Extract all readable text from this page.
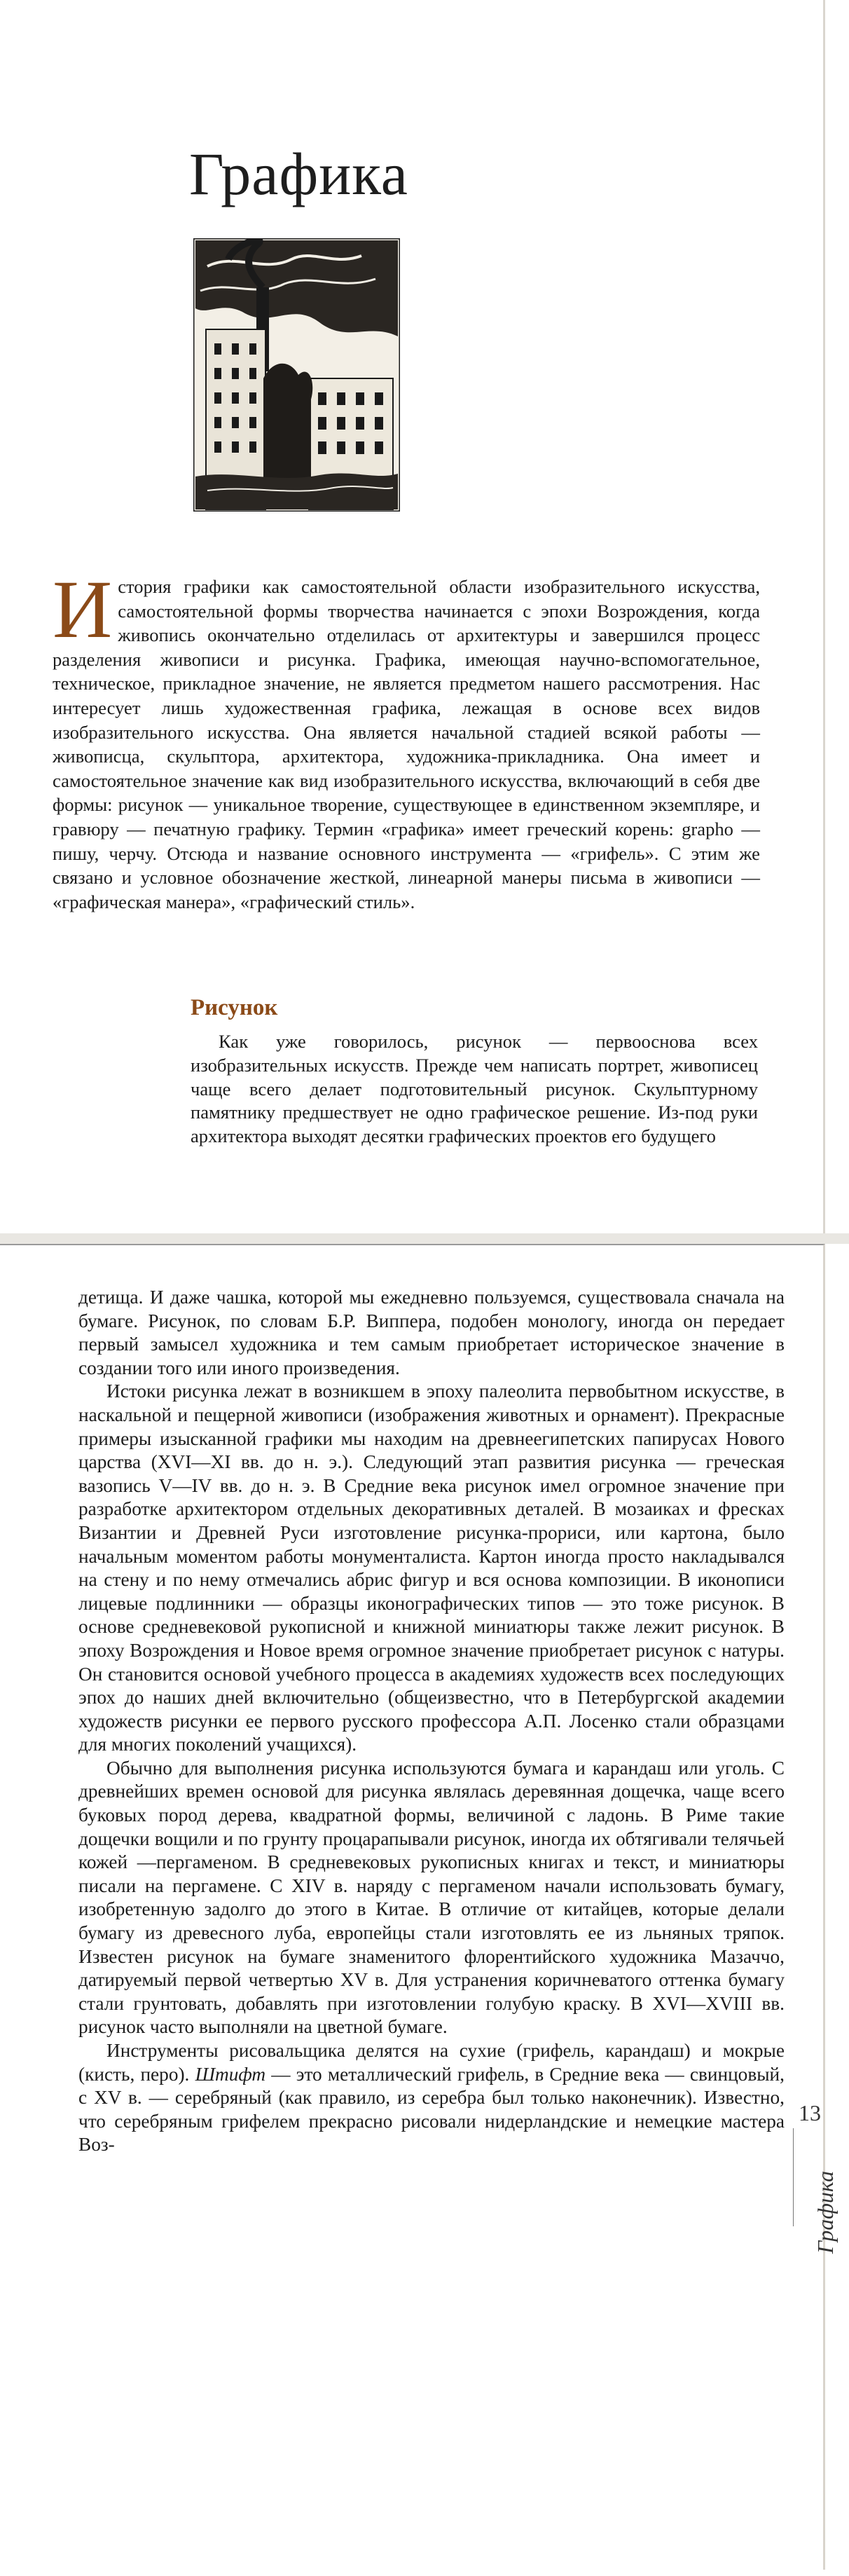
Графика

История графики как самостоятельной области изобразительного искусства, самостоятельной формы творчества начинается с эпохи Возрождения, когда живопись окончательно отделилась от архитектуры и завершился процесс разделения живописи и рисунка. Графика, имеющая научно-вспомогательное, техническое, прикладное значение, не является предметом нашего рассмотрения. Нас интересует лишь художественная графика, лежащая в основе всех видов изобразительного искусства. Она является начальной стадией всякой работы — живописца, скульптора, архитектора, художника-прикладника. Она имеет и самостоятельное значение как вид изобразительного искусства, включающий в себя две формы: рисунок — уникальное творение, существующее в единственном экземпляре, и гравюру — печатную графику. Термин «графика» имеет греческий корень: grapho —пишу, черчу. Отсюда и название основного инструмента — «грифель». С этим же связано и условное обозначение жесткой, линеарной манеры письма в живописи — «графическая манера», «графический стиль».

Рисунок

Как уже говорилось, рисунок — первооснова всех изобразительных искусств. Прежде чем написать портрет, живописец чаще всего делает подготовительный рисунок. Скульптурному памятнику предшествует не одно графическое решение. Из-под руки архитектора выходят десятки графических проектов его будущего

детища. И даже чашка, которой мы ежедневно пользуемся, существовала сначала на бумаге. Рисунок, по словам Б.Р. Виппера, подобен монологу, иногда он передает первый замысел художника и тем самым приобретает историческое значение в создании того или иного произведения.

Истоки рисунка лежат в возникшем в эпоху палеолита первобытном искусстве, в наскальной и пещерной живописи (изображения животных и орнамент). Прекрасные примеры изысканной графики мы находим на древнеегипетских папирусах Нового царства (XVI—XI вв. до н. э.). Следующий этап развития рисунка — греческая вазопись V—IV вв. до н. э. В Средние века рисунок имел огромное значение при разработке архитектором отдельных декоративных деталей. В мозаиках и фресках Византии и Древней Руси изготовление рисунка-прориси, или картона, было начальным моментом работы монументалиста. Картон иногда просто накладывался на стену и по нему отмечались абрис фигур и вся основа композиции. В иконописи лицевые подлинники — образцы иконографических типов — это тоже рисунок. В основе средневековой рукописной и книжной миниатюры также лежит рисунок. В эпоху Возрождения и Новое время огромное значение приобретает рисунок с натуры. Он становится основой учебного процесса в академиях художеств всех последующих эпох до наших дней включительно (общеизвестно, что в Петербургской академии художеств рисунки ее первого русского профессора А.П. Лосенко стали образцами для многих поколений учащихся).

Обычно для выполнения рисунка используются бумага и карандаш или уголь. С древнейших времен основой для рисунка являлась деревянная дощечка, чаще всего буковых пород дерева, квадратной формы, величиной с ладонь. В Риме такие дощечки вощили и по грунту процарапывали рисунок, иногда их обтягивали телячьей кожей —пергаменом. В средневековых рукописных книгах и текст, и миниатюры писали на пергамене. С XIV в. наряду с пергаменом начали использовать бумагу, изобретенную задолго до этого в Китае. В отличие от китайцев, которые делали бумагу из древесного луба, европейцы стали изготовлять ее из льняных тряпок. Известен рисунок на бумаге знаменитого флорентийского художника Мазаччо, датируемый первой четвертью XV в. Для устранения коричневатого оттенка бумагу стали грунтовать, добавлять при изготовлении голубую краску. В XVI—XVIII вв. рисунок часто выполняли на цветной бумаге.

Инструменты рисовальщика делятся на сухие (грифель, карандаш) и мокрые (кисть, перо). Штифт — это металлический грифель, в Средние века — свинцовый, с XV в. — серебряный (как правило, из серебра был только наконечник). Известно, что серебряным грифелем прекрасно рисовали нидерландские и немецкие мастера Воз-

13
Графика
